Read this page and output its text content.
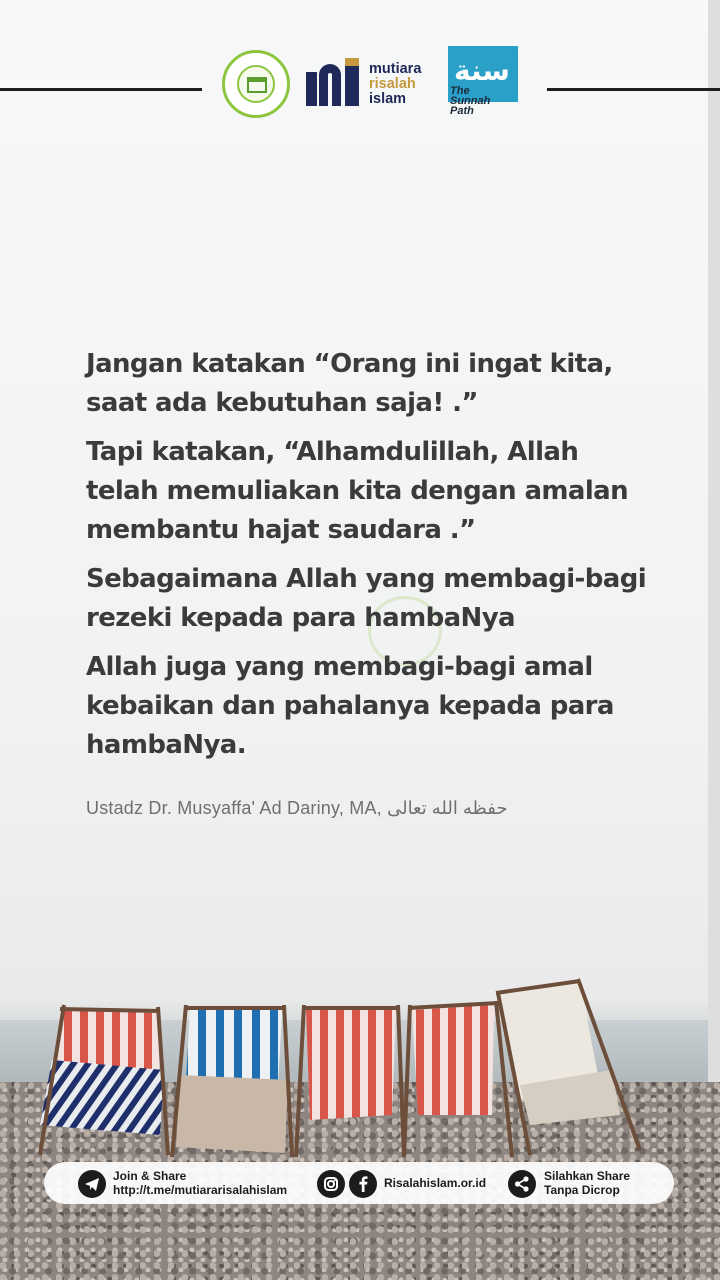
mutiara
risalah
islam
سنة
The
Sunnah
Path

Jangan katakan “Orang ini ingat kita, saat ada kebutuhan saja! .”

Tapi katakan, “Alhamdulillah, Allah telah memuliakan kita dengan amalan membantu hajat saudara .”

Sebagaimana Allah yang membagi-bagi rezeki kepada para hambaNya

Allah juga yang membagi-bagi amal kebaikan dan pahalanya kepada para hambaNya.

Ustadz Dr. Musyaffa' Ad Dariny, MA, حفظه الله تعالى
Join & Share
http://t.me/mutiararisalahislam	Risalahislam.or.id	Silahkan Share
Tanpa Dicrop
